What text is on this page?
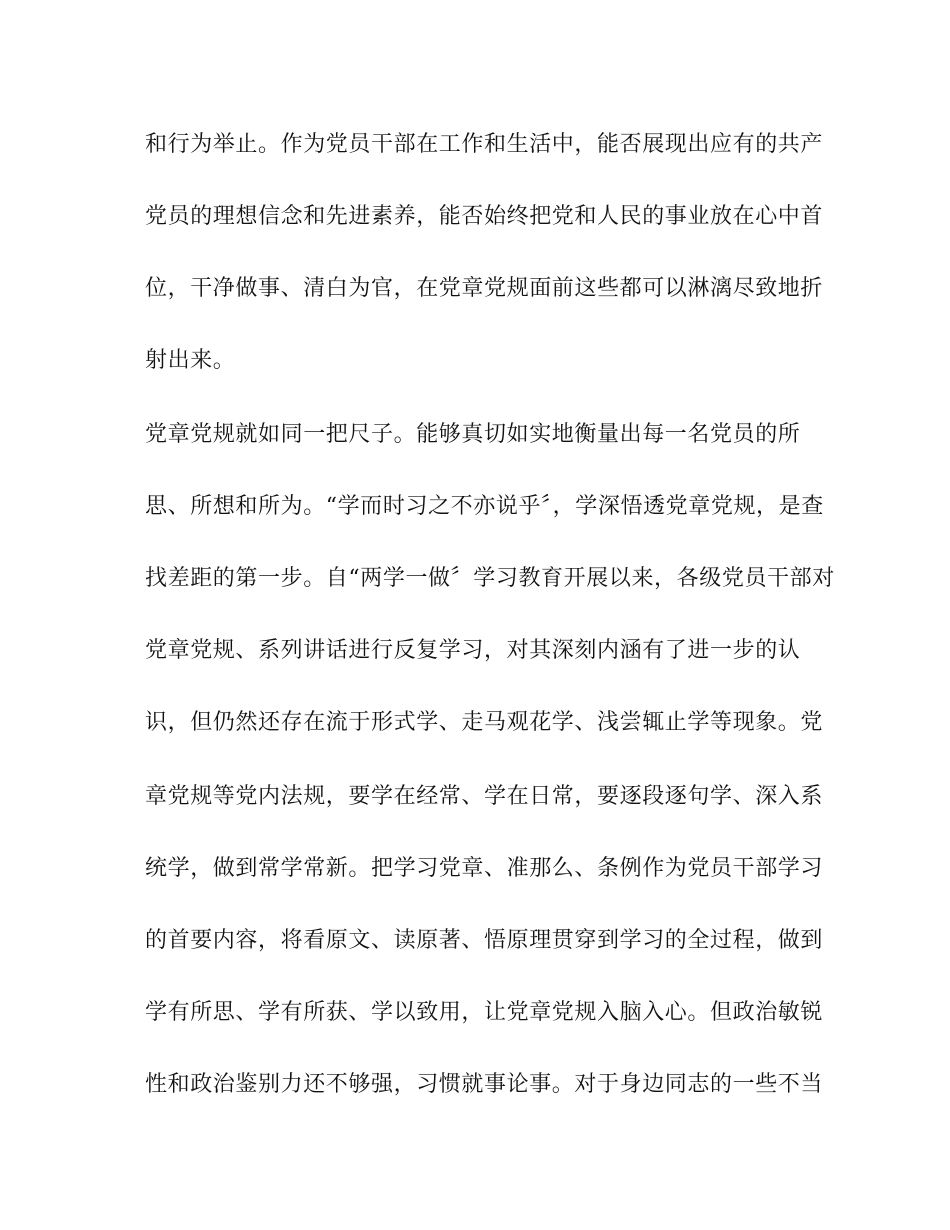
和行为举止。作为党员干部在工作和生活中，能否展现出应有的共产
党员的理想信念和先进素养，能否始终把党和人民的事业放在心中首
位，干净做事、清白为官，在党章党规面前这些都可以淋漓尽致地折
射出来。
党章党规就如同一把尺子。能够真切如实地衡量出每一名党员的所
思、所想和所为。“学而时习之不亦说乎〞，学深悟透党章党规，是查
找差距的第一步。自“两学一做〞学习教育开展以来，各级党员干部对
党章党规、系列讲话进行反复学习，对其深刻内涵有了进一步的认
识，但仍然还存在流于形式学、走马观花学、浅尝辄止学等现象。党
章党规等党内法规，要学在经常、学在日常，要逐段逐句学、深入系
统学，做到常学常新。把学习党章、准那么、条例作为党员干部学习
的首要内容，将看原文、读原著、悟原理贯穿到学习的全过程，做到
学有所思、学有所获、学以致用，让党章党规入脑入心。但政治敏锐
性和政治鉴别力还不够强，习惯就事论事。对于身边同志的一些不当
